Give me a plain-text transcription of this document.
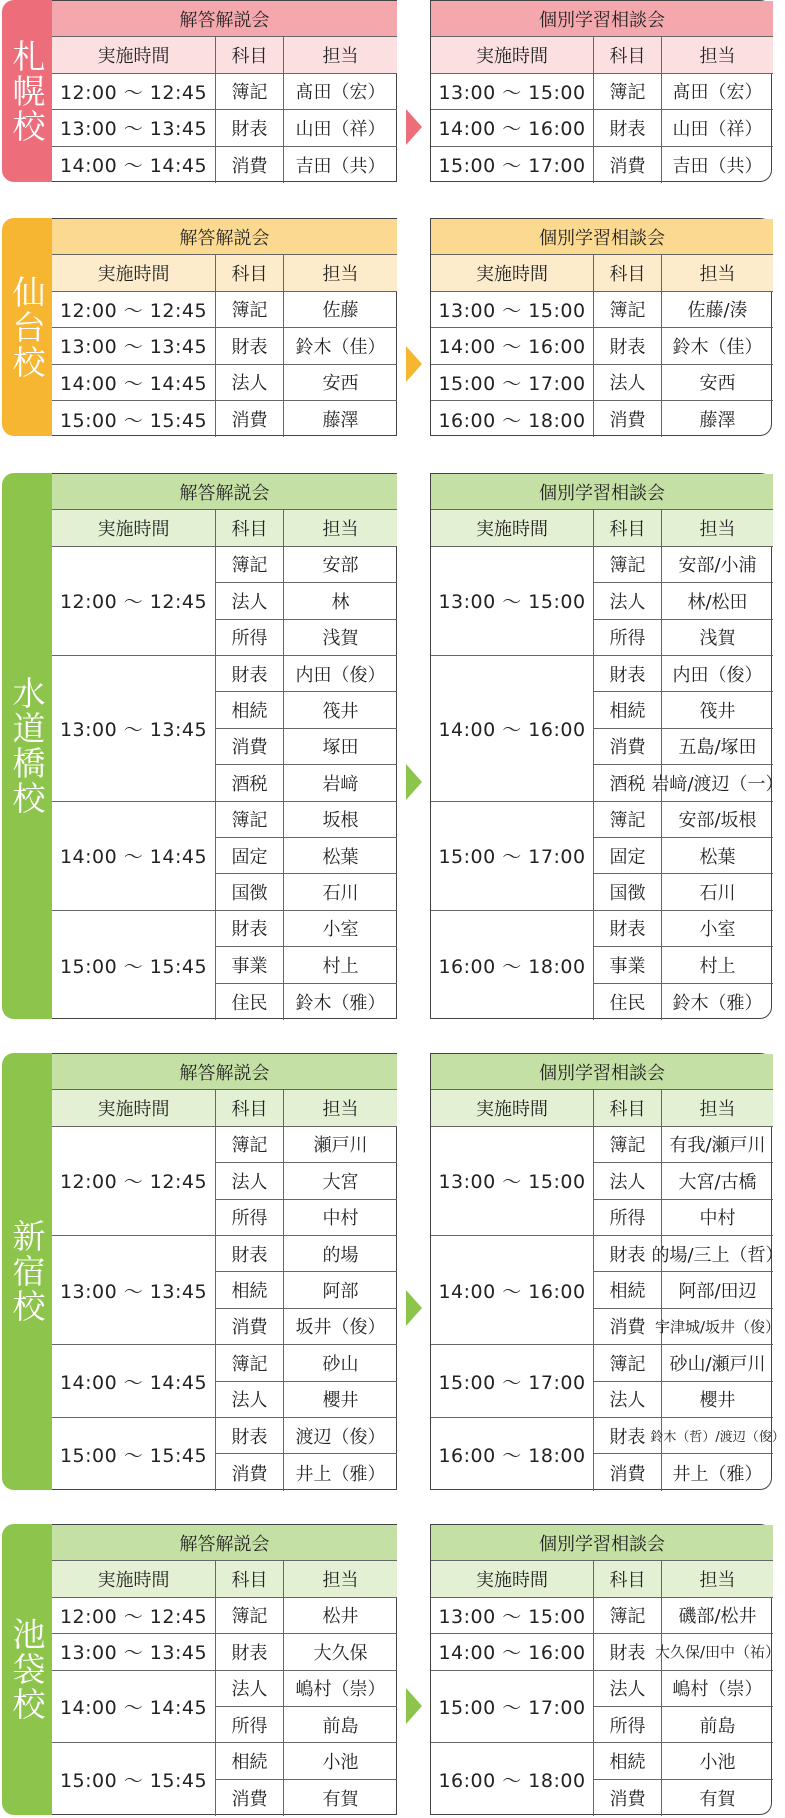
札幌校
解答解説会
実施時間	科目	担当
12:00 〜 12:45	簿記	髙田（宏）
13:00 〜 13:45	財表	山田（祥）
14:00 〜 14:45	消費	吉田（共）
個別学習相談会
実施時間	科目	担当
13:00 〜 15:00	簿記	髙田（宏）
14:00 〜 16:00	財表	山田（祥）
15:00 〜 17:00	消費	吉田（共）
仙台校
解答解説会
実施時間	科目	担当
12:00 〜 12:45	簿記	佐藤
13:00 〜 13:45	財表	鈴木（佳）
14:00 〜 14:45	法人	安西
15:00 〜 15:45	消費	藤澤
個別学習相談会
実施時間	科目	担当
13:00 〜 15:00	簿記	佐藤/湊
14:00 〜 16:00	財表	鈴木（佳）
15:00 〜 17:00	法人	安西
16:00 〜 18:00	消費	藤澤
水道橋校
解答解説会
実施時間	科目	担当
12:00 〜 12:45
簿記	安部
法人	林
所得	浅賀
13:00 〜 13:45
財表	内田（俊）
相続	筏井
消費	塚田
酒税	岩﨑
14:00 〜 14:45
簿記	坂根
固定	松葉
国徴	石川
15:00 〜 15:45
財表	小室
事業	村上
住民	鈴木（雅）
個別学習相談会
実施時間	科目	担当
13:00 〜 15:00
簿記	安部/小浦
法人	林/松田
所得	浅賀
14:00 〜 16:00
財表	内田（俊）
相続	筏井
消費	五島/塚田
酒税 岩﨑/渡辺（一）
15:00 〜 17:00
簿記	安部/坂根
固定	松葉
国徴	石川
16:00 〜 18:00
財表	小室
事業	村上
住民	鈴木（雅）
新宿校
解答解説会
実施時間	科目	担当
12:00 〜 12:45
簿記	瀬戸川
法人	大宮
所得	中村
13:00 〜 13:45
財表	的場
相続	阿部
消費	坂井（俊）
14:00 〜 14:45
簿記	砂山
法人	櫻井
15:00 〜 15:45
財表	渡辺（俊）
消費	井上（雅）
個別学習相談会
実施時間	科目	担当
13:00 〜 15:00
簿記	有我/瀬戸川
法人	大宮/古橋
所得	中村
14:00 〜 16:00
財表 的場/三上（哲）
相続	阿部/田辺
消費 宇津城/坂井（俊）
15:00 〜 17:00
簿記	砂山/瀬戸川
法人	櫻井
16:00 〜 18:00
財表 鈴木（哲）/渡辺（俊）
消費	井上（雅）
池袋校
解答解説会
実施時間	科目	担当
12:00 〜 12:45	簿記	松井
13:00 〜 13:45	財表	大久保
14:00 〜 14:45
法人	嶋村（崇）
所得	前島
15:00 〜 15:45
相続	小池
消費	有賀
個別学習相談会
実施時間	科目	担当
13:00 〜 15:00	簿記	磯部/松井
14:00 〜 16:00	財表 大久保/田中（祐）
15:00 〜 17:00
法人	嶋村（崇）
所得	前島
16:00 〜 18:00
相続	小池
消費	有賀
